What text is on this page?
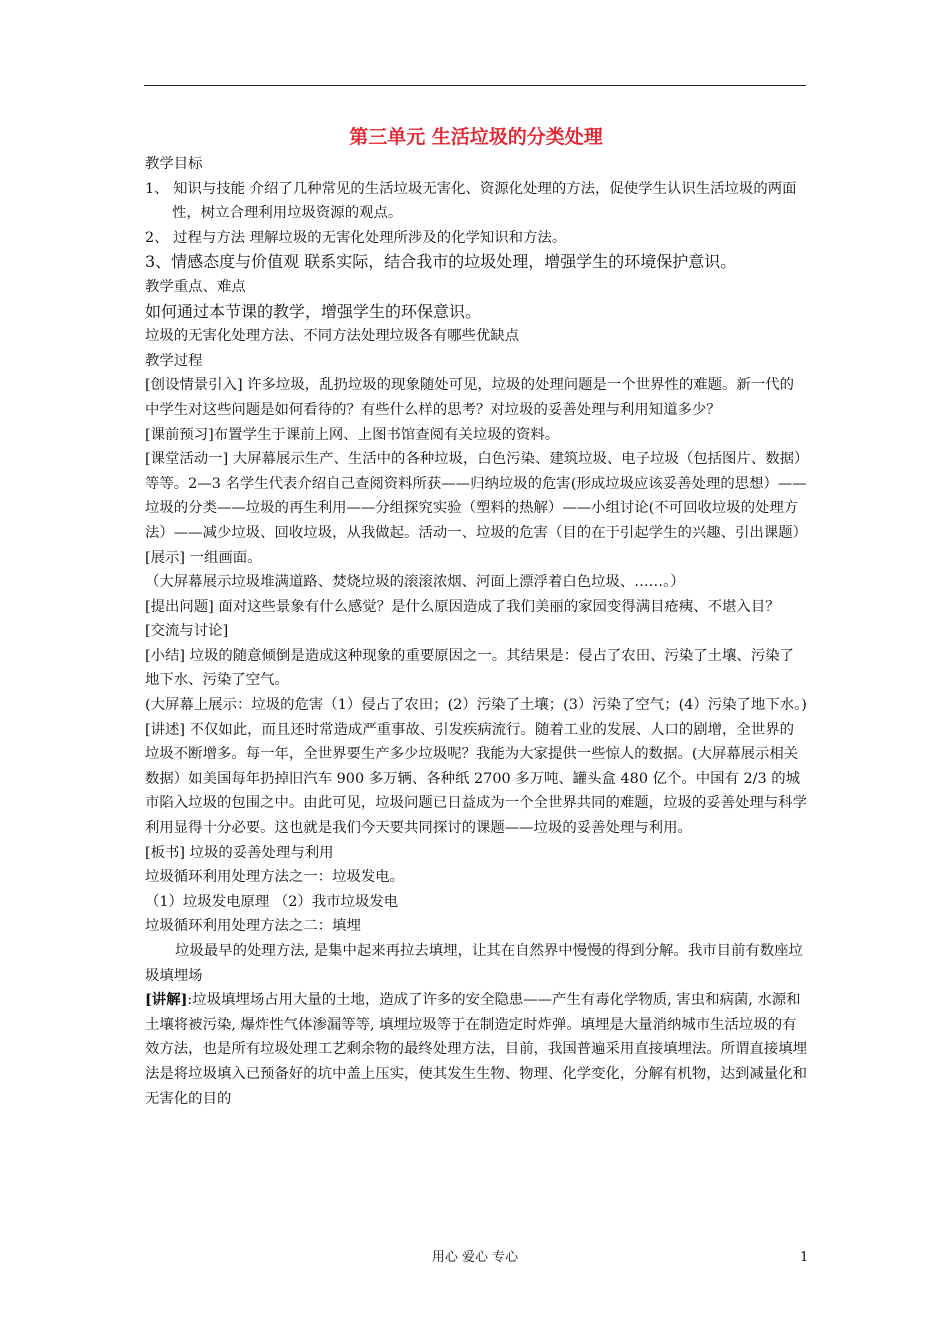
第三单元 生活垃圾的分类处理

教学目标

1、 知识与技能 介绍了几种常见的生活垃圾无害化、资源化处理的方法，促使学生认识生活垃圾的两面性，树立合理利用垃圾资源的观点。

2、 过程与方法 理解垃圾的无害化处理所涉及的化学知识和方法。

3、情感态度与价值观 联系实际，结合我市的垃圾处理，增强学生的环境保护意识。

教学重点、难点

如何通过本节课的教学，增强学生的环保意识。

垃圾的无害化处理方法、不同方法处理垃圾各有哪些优缺点

教学过程

[创设情景引入] 许多垃圾，乱扔垃圾的现象随处可见，垃圾的处理问题是一个世界性的难题。新一代的中学生对这些问题是如何看待的？有些什么样的思考？对垃圾的妥善处理与利用知道多少？

[课前预习]布置学生于课前上网、上图书馆查阅有关垃圾的资料。

[课堂活动一] 大屏幕展示生产、生活中的各种垃圾，白色污染、建筑垃圾、电子垃圾（包括图片、数据）等等。2—3 名学生代表介绍自己查阅资料所获——归纳垃圾的危害(形成垃圾应该妥善处理的思想）——垃圾的分类——垃圾的再生利用——分组探究实验（塑料的热解）——小组讨论(不可回收垃圾的处理方法）——减少垃圾、回收垃圾，从我做起。活动一、垃圾的危害（目的在于引起学生的兴趣、引出课题）

[展示] 一组画面。

（大屏幕展示垃圾堆满道路、焚烧垃圾的滚滚浓烟、河面上漂浮着白色垃圾、……。）

[提出问题] 面对这些景象有什么感觉？是什么原因造成了我们美丽的家园变得满目疮痍、不堪入目？

[交流与讨论]

[小结] 垃圾的随意倾倒是造成这种现象的重要原因之一。其结果是：侵占了农田、污染了土壤、污染了地下水、污染了空气。

(大屏幕上展示：垃圾的危害（1）侵占了农田；(2）污染了土壤；(3）污染了空气；(4）污染了地下水。)[讲述] 不仅如此，而且还时常造成严重事故、引发疾病流行。随着工业的发展、人口的剧增，全世界的垃圾不断增多。每一年，全世界要生产多少垃圾呢？我能为大家提供一些惊人的数据。(大屏幕展示相关数据）如美国每年扔掉旧汽车 900 多万辆、各种纸 2700 多万吨、罐头盒 480 亿个。中国有 2/3 的城市陷入垃圾的包围之中。由此可见，垃圾问题已日益成为一个全世界共同的难题，垃圾的妥善处理与科学利用显得十分必要。这也就是我们今天要共同探讨的课题——垃圾的妥善处理与利用。

[板书] 垃圾的妥善处理与利用

垃圾循环利用处理方法之一：垃圾发电。

（1）垃圾发电原理 （2）我市垃圾发电

垃圾循环利用处理方法之二：填埋

垃圾最早的处理方法, 是集中起来再拉去填埋，让其在自然界中慢慢的得到分解。我市目前有数座垃圾填埋场

[讲解]:垃圾填埋场占用大量的土地，造成了许多的安全隐患——产生有毒化学物质, 害虫和病菌, 水源和土壤将被污染, 爆炸性气体渗漏等等, 填埋垃圾等于在制造定时炸弹。填埋是大量消纳城市生活垃圾的有效方法，也是所有垃圾处理工艺剩余物的最终处理方法，目前，我国普遍采用直接填埋法。所谓直接填埋法是将垃圾填入已预备好的坑中盖上压实，使其发生生物、物理、化学变化，分解有机物，达到减量化和无害化的目的

用心 爱心 专心	1
